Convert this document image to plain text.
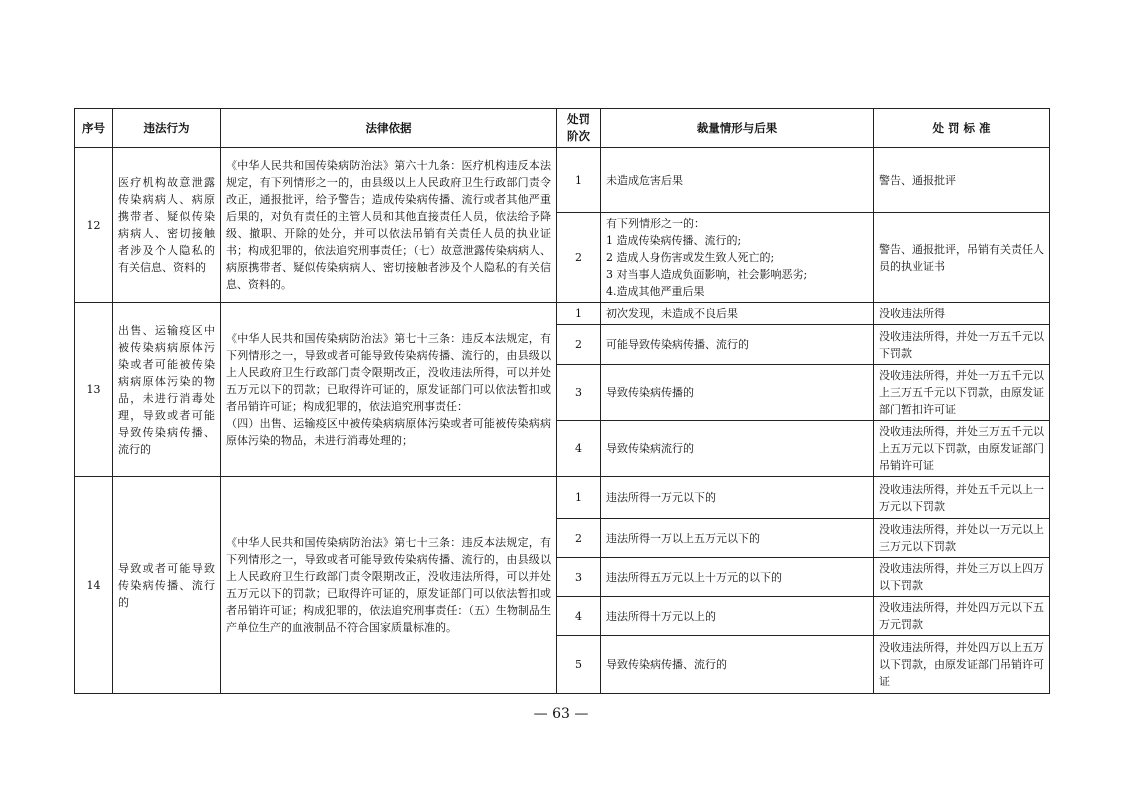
序号	违法行为	法律依据	处罚阶次	裁量情形与后果	处 罚 标 准
12	医疗机构故意泄露传染病病人、病原携带者、疑似传染病病人、密切接触者涉及个人隐私的有关信息、资料的	《中华人民共和国传染病防治法》第六十九条：医疗机构违反本法规定，有下列情形之一的，由县级以上人民政府卫生行政部门责令改正，通报批评，给予警告；造成传染病传播、流行或者其他严重后果的，对负有责任的主管人员和其他直接责任人员，依法给予降级、撤职、开除的处分，并可以依法吊销有关责任人员的执业证书；构成犯罪的，依法追究刑事责任；（七）故意泄露传染病病人、病原携带者、疑似传染病病人、密切接触者涉及个人隐私的有关信息、资料的。	1	未造成危害后果	警告、通报批评
			2	有下列情形之一的：
1 造成传染病传播、流行的;
2 造成人身伤害或发生致人死亡的;
3 对当事人造成负面影响，社会影响恶劣;
4.造成其他严重后果	警告、通报批评，吊销有关责任人员的执业证书
13	出售、运输疫区中被传染病病原体污染或者可能被传染病病原体污染的物品，未进行消毒处理，导致或者可能导致传染病传播、流行的	《中华人民共和国传染病防治法》第七十三条：违反本法规定，有下列情形之一，导致或者可能导致传染病传播、流行的，由县级以上人民政府卫生行政部门责令限期改正，没收违法所得，可以并处五万元以下的罚款；已取得许可证的，原发证部门可以依法暂扣或者吊销许可证；构成犯罪的，依法追究刑事责任：
（四）出售、运输疫区中被传染病病原体污染或者可能被传染病病原体污染的物品，未进行消毒处理的；	1	初次发现，未造成不良后果	没收违法所得
			2	可能导致传染病传播、流行的	没收违法所得，并处一万五千元以下罚款
			3	导致传染病传播的	没收违法所得，并处一万五千元以上三万五千元以下罚款，由原发证部门暂扣许可证
			4	导致传染病流行的	没收违法所得，并处三万五千元以上五万元以下罚款，由原发证部门吊销许可证
14	导致或者可能导致传染病传播、流行的	《中华人民共和国传染病防治法》第七十三条：违反本法规定，有下列情形之一，导致或者可能导致传染病传播、流行的，由县级以上人民政府卫生行政部门责令限期改正，没收违法所得，可以并处五万元以下的罚款；已取得许可证的，原发证部门可以依法暂扣或者吊销许可证；构成犯罪的，依法追究刑事责任：（五）生物制品生产单位生产的血液制品不符合国家质量标准的。	1	违法所得一万元以下的	没收违法所得，并处五千元以上一万元以下罚款
			2	违法所得一万以上五万元以下的	没收违法所得，并处以一万元以上三万元以下罚款
			3	违法所得五万元以上十万元的以下的	没收违法所得，并处三万以上四万以下罚款
			4	违法所得十万元以上的	没收违法所得，并处四万元以下五万元罚款
			5	导致传染病传播、流行的	没收违法所得，并处四万以上五万以下罚款，由原发证部门吊销许可证
— 63 —
